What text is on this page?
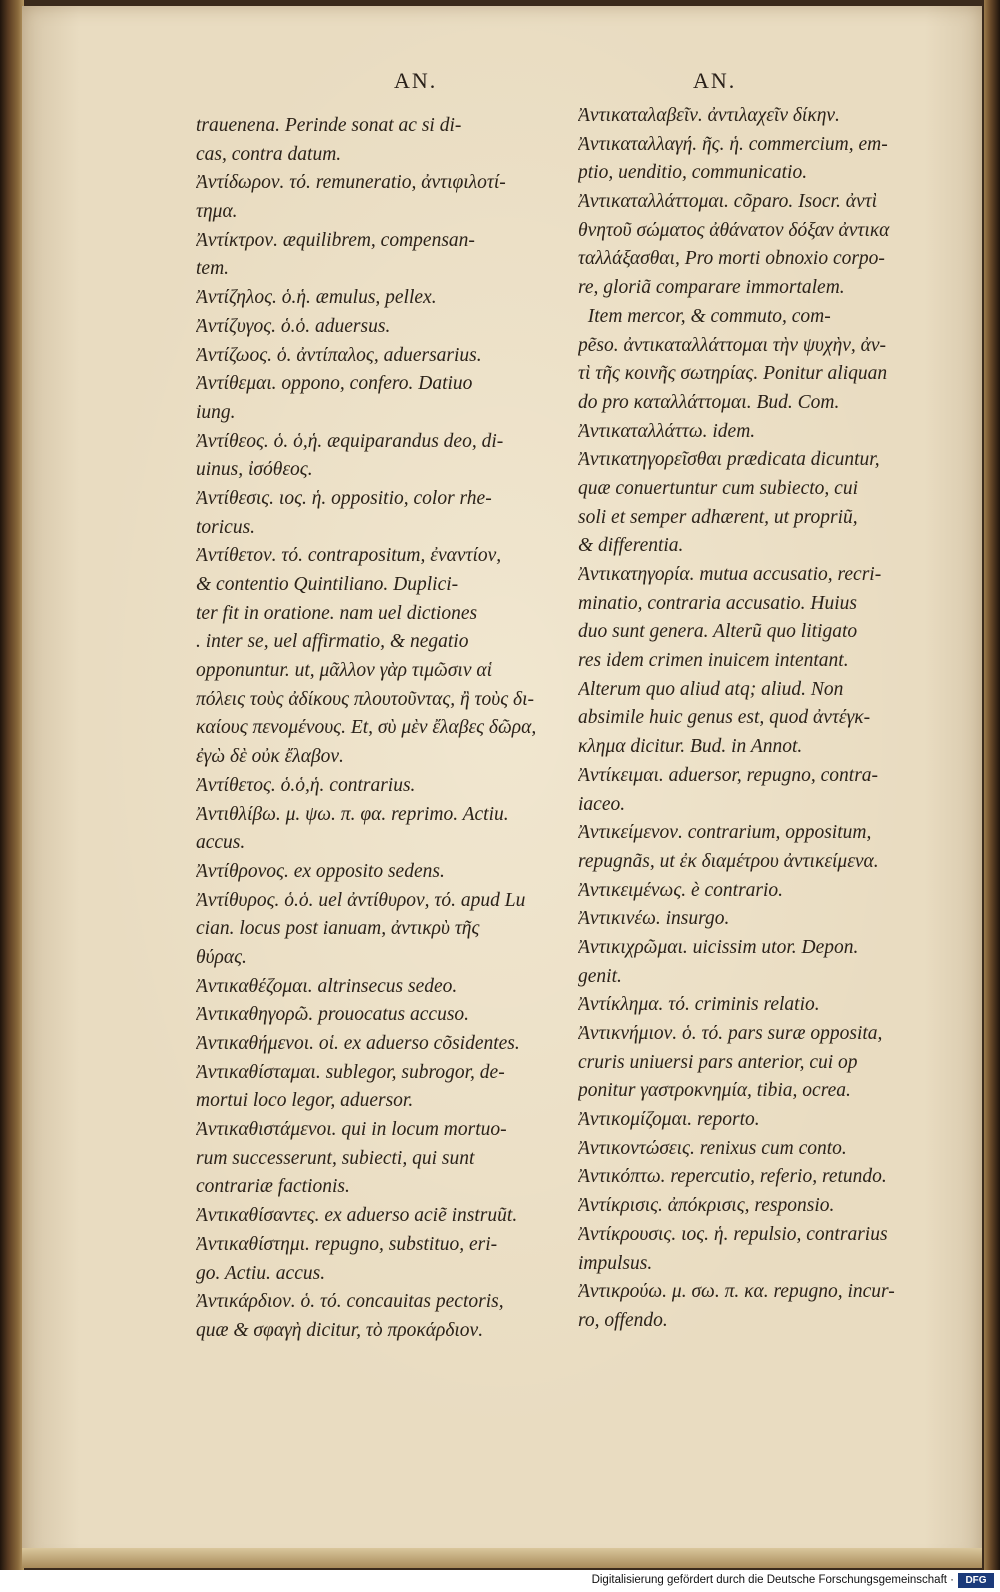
AN.	AN.
trauenena. Perinde sonat ac si di-
cas, contra datum.
Ἀντίδωρον. τό. remuneratio, ἀντιφιλοτί-
τημα.
Ἀντίκτρον. æquilibrem, compensan-
tem.
Ἀντίζηλος. ὁ.ἡ. æmulus, pellex.
Ἀντίζυγος. ὁ.ὁ. aduersus.
Ἀντίζωος. ὁ. ἀντίπαλος, aduersarius.
Ἀντίθεμαι. oppono, confero. Datiuo
iung.
Ἀντίθεος. ὁ. ὁ,ἡ. æquiparandus deo, di-
uinus, ἰσόθεος.
Ἀντίθεσις. ιος. ἡ. oppositio, color rhe-
toricus.
Ἀντίθετον. τό. contrapositum, ἐναντίον,
& contentio Quintiliano. Duplici-
ter fit in oratione. nam uel dictiones
. inter se, uel affirmatio, & negatio
opponuntur. ut, μᾶλλον γὰρ τιμῶσιν αἱ
πόλεις τοὺς ἀδίκους πλουτοῦντας, ἢ τοὺς δι-
καίους πενομένους. Et, σὺ μὲν ἔλαβες δῶρα,
ἐγὼ δὲ οὐκ ἔλαβον.
Ἀντίθετος. ὁ.ὁ,ἡ. contrarius.
Ἀντιθλίβω. μ. ψω. π. φα. reprimo. Actiu.
accus.
Ἀντίθρονος. ex opposito sedens.
Ἀντίθυρος. ὁ.ὁ. uel ἀντίθυρον, τό. apud Lu
cian. locus post ianuam, ἀντικρὺ τῆς
θύρας.
Ἀντικαθέζομαι. altrinsecus sedeo.
Ἀντικαθηγορῶ. prouocatus accuso.
Ἀντικαθήμενοι. οἱ. ex aduerso cõsidentes.
Ἀντικαθίσταμαι. sublegor, subrogor, de-
mortui loco legor, aduersor.
Ἀντικαθιστάμενοι. qui in locum mortuo-
rum successerunt, subiecti, qui sunt
contrariæ factionis.
Ἀντικαθίσαντες. ex aduerso aciẽ instruũt.
Ἀντικαθίστημι. repugno, substituo, eri-
go. Actiu. accus.
Ἀντικάρδιον. ὁ. τό. concauitas pectoris,
quæ & σφαγὴ dicitur, τὸ προκάρδιον.
Ἀντικαταλαβεῖν. ἀντιλαχεῖν δίκην.
Ἀντικαταλλαγή. ῆς. ἡ. commercium, em-
ptio, uenditio, communicatio.
Ἀντικαταλλάττομαι. cõparo. Isocr. ἀντὶ
θνητοῦ σώματος ἀθάνατον δόξαν ἀντικα
ταλλάξασθαι, Pro morti obnoxio corpo-
re, gloriã comparare immortalem.
Item mercor, & commuto, com-
pẽso. ἀντικαταλλάττομαι τὴν ψυχὴν, ἀν-
τὶ τῆς κοινῆς σωτηρίας. Ponitur aliquan
do pro καταλλάττομαι. Bud. Com.
Ἀντικαταλλάττω. idem.
Ἀντικατηγορεῖσθαι prædicata dicuntur,
quæ conuertuntur cum subiecto, cui
soli et semper adhærent, ut propriũ,
& differentia.
Ἀντικατηγορία. mutua accusatio, recri-
minatio, contraria accusatio. Huius
duo sunt genera. Alterũ quo litigato
res idem crimen inuicem intentant.
Alterum quo aliud atq; aliud. Non
absimile huic genus est, quod ἀντέγκ-
κλημα dicitur. Bud. in Annot.
Ἀντίκειμαι. aduersor, repugno, contra-
iaceo.
Ἀντικείμενον. contrarium, oppositum,
repugnãs, ut ἐκ διαμέτρου ἀντικείμενα.
Ἀντικειμένως. è contrario.
Ἀντικινέω. insurgo.
Ἀντικιχρῶμαι. uicissim utor. Depon.
genit.
Ἀντίκλημα. τό. criminis relatio.
Ἀντικνήμιον. ὁ. τό. pars suræ opposita,
cruris uniuersi pars anterior, cui op
ponitur γαστροκνημία, tibia, ocrea.
Ἀντικομίζομαι. reporto.
Ἀντικοντώσεις. renixus cum conto.
Ἀντικόπτω. repercutio, referio, retundo.
Ἀντίκρισις. ἀπόκρισις, responsio.
Ἀντίκρουσις. ιος. ἡ. repulsio, contrarius
impulsus.
Ἀντικρούω. μ. σω. π. κα. repugno, incur-
ro, offendo.
Digitalisierung gefördert durch die Deutsche Forschungsgemeinschaft ·	DFG
